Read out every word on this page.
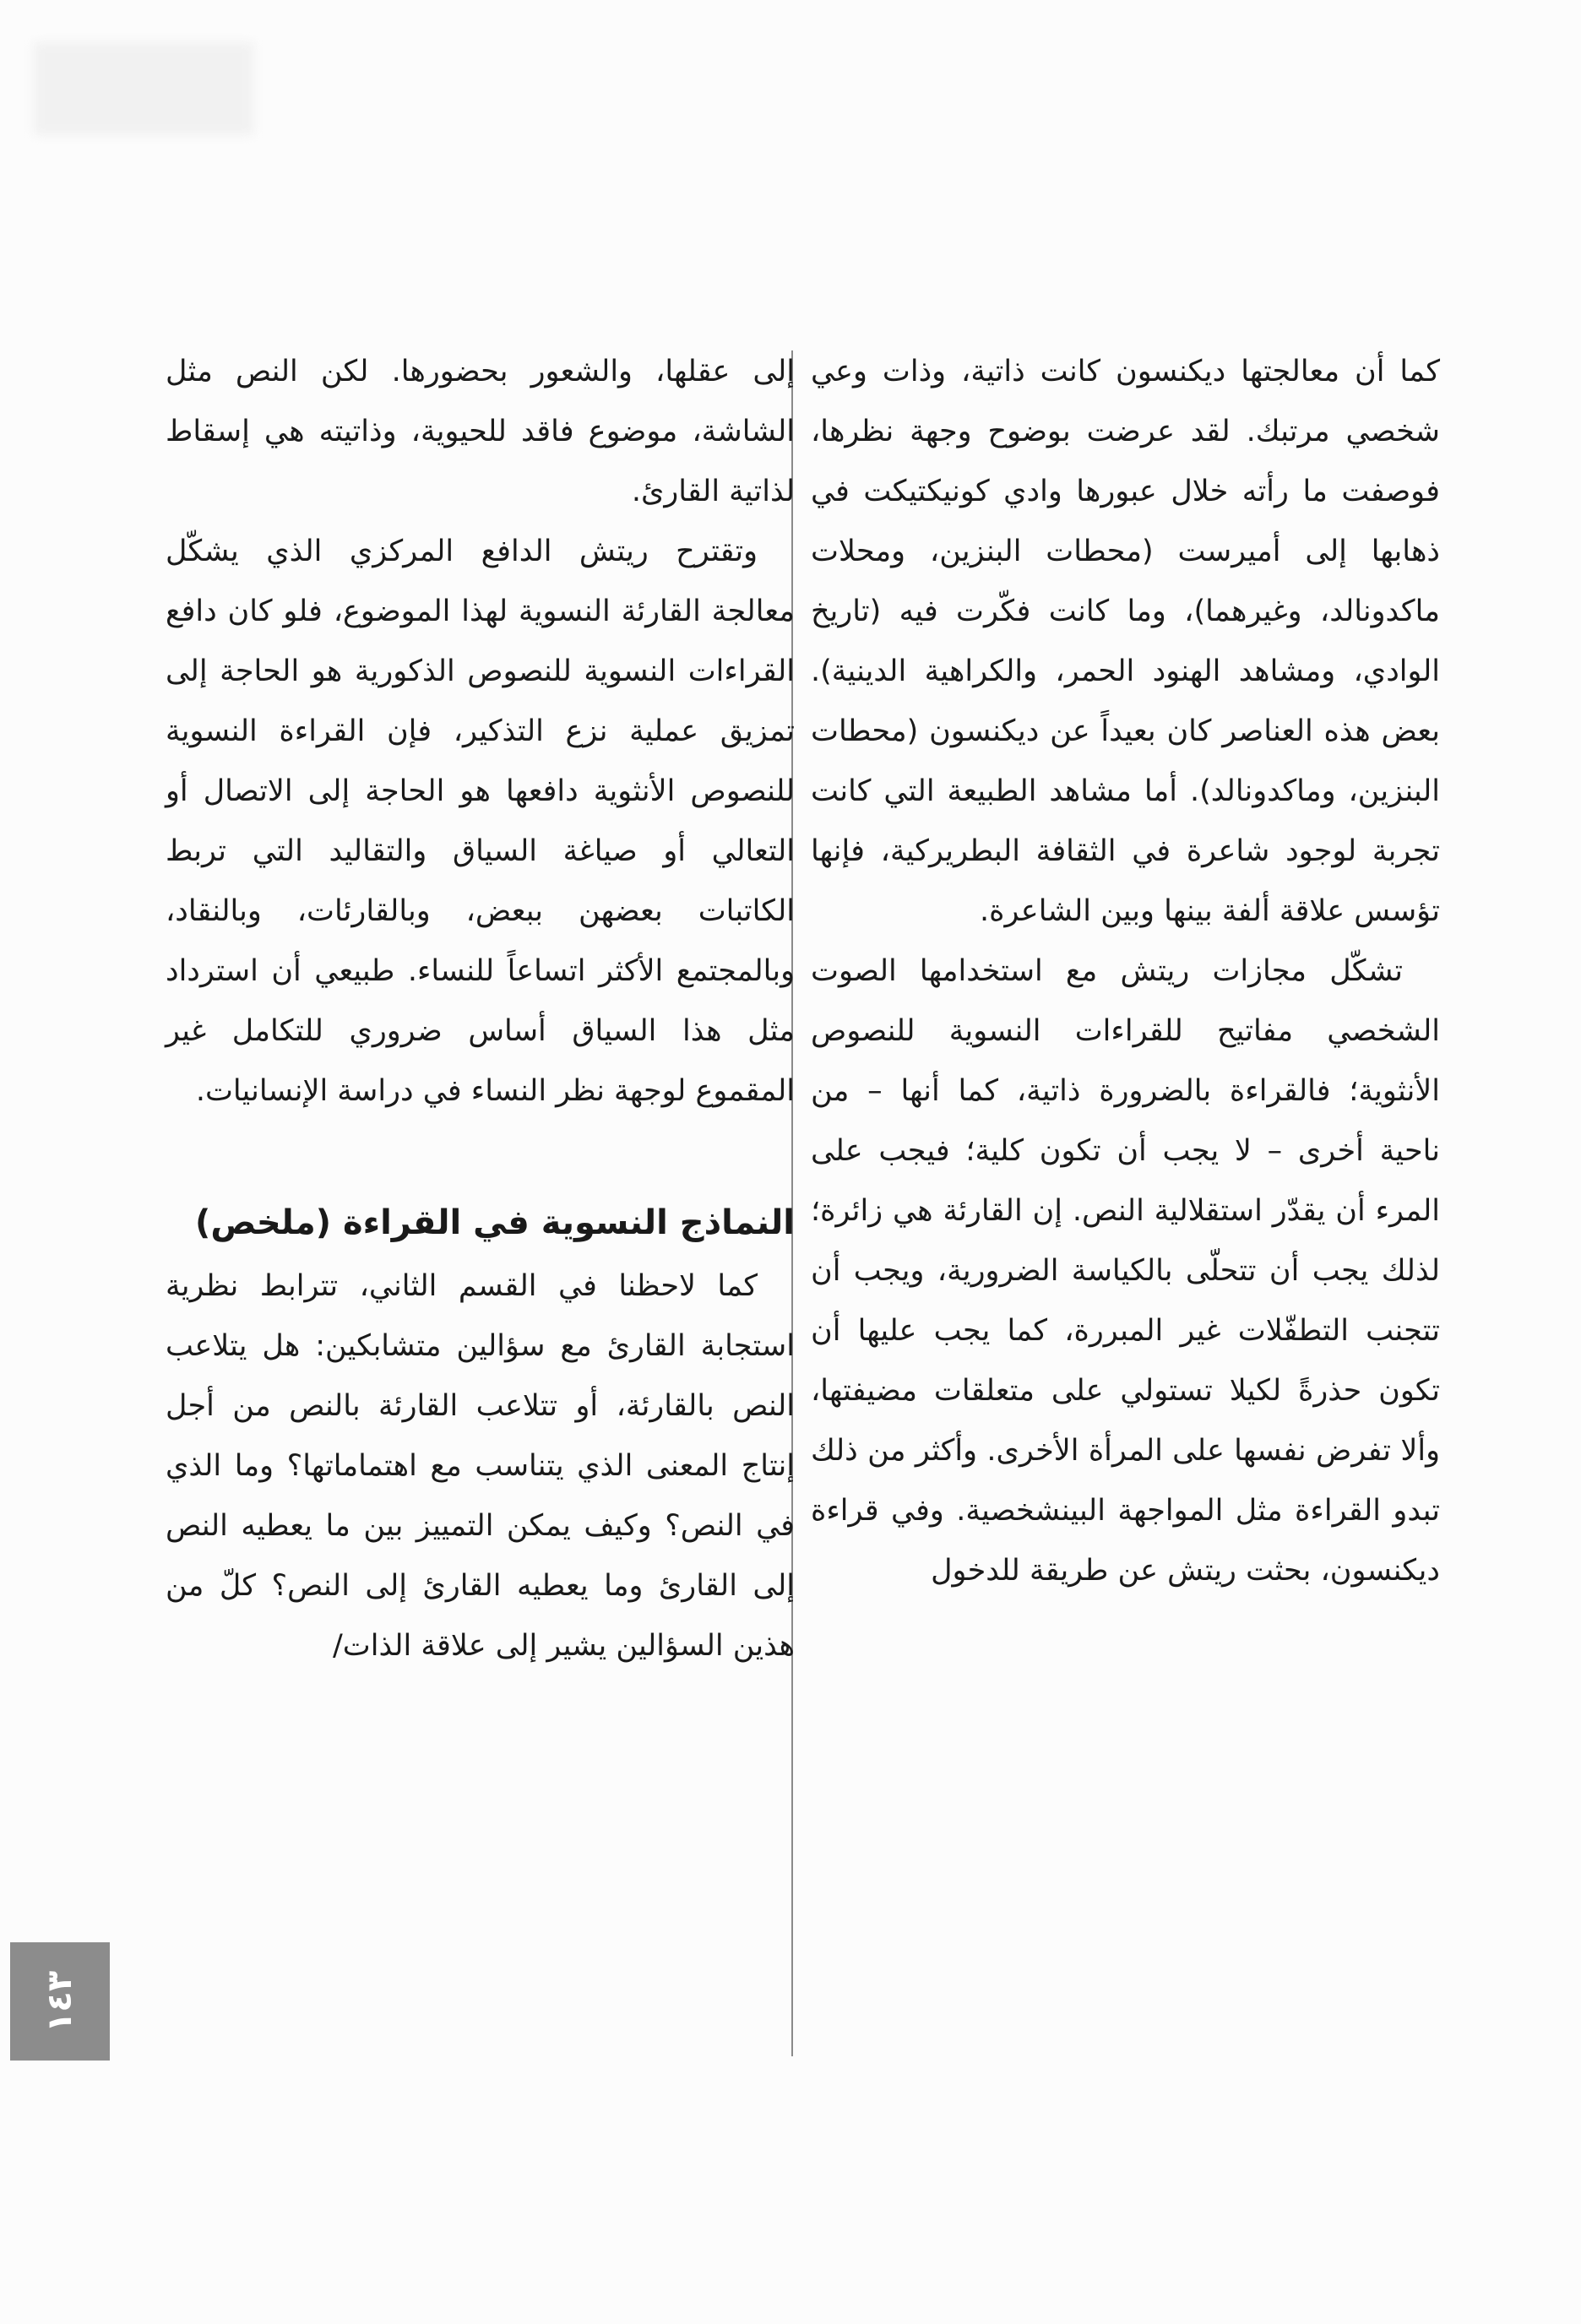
كما أن معالجتها ديكنسون كانت ذاتية، وذات وعي شخصي مرتبك. لقد عرضت بوضوح وجهة نظرها، فوصفت ما رأته خلال عبورها وادي كونيكتيكت في ذهابها إلى أميرست (محطات البنزين، ومحلات ماكدونالد، وغيرهما)، وما كانت فكّرت فيه (تاريخ الوادي، ومشاهد الهنود الحمر، والكراهية الدينية). بعض هذه العناصر كان بعيداً عن ديكنسون (محطات البنزين، وماكدونالد). أما مشاهد الطبيعة التي كانت تجربة لوجود شاعرة في الثقافة البطريركية، فإنها تؤسس علاقة ألفة بينها وبين الشاعرة.

تشكّل مجازات ريتش مع استخدامها الصوت الشخصي مفاتيح للقراءات النسوية للنصوص الأنثوية؛ فالقراءة بالضرورة ذاتية، كما أنها – من ناحية أخرى – لا يجب أن تكون كلية؛ فيجب على المرء أن يقدّر استقلالية النص. إن القارئة هي زائرة؛ لذلك يجب أن تتحلّى بالكياسة الضرورية، ويجب أن تتجنب التطفّلات غير المبررة، كما يجب عليها أن تكون حذرةً لكيلا تستولي على متعلقات مضيفتها، وألا تفرض نفسها على المرأة الأخرى. وأكثر من ذلك تبدو القراءة مثل المواجهة البينشخصية. وفي قراءة ديكنسون، بحثت ريتش عن طريقة للدخول

إلى عقلها، والشعور بحضورها. لكن النص مثل الشاشة، موضوع فاقد للحيوية، وذاتيته هي إسقاط لذاتية القارئ.

وتقترح ريتش الدافع المركزي الذي يشكّل معالجة القارئة النسوية لهذا الموضوع، فلو كان دافع القراءات النسوية للنصوص الذكورية هو الحاجة إلى تمزيق عملية نزع التذكير، فإن القراءة النسوية للنصوص الأنثوية دافعها هو الحاجة إلى الاتصال أو التعالي أو صياغة السياق والتقاليد التي تربط الكاتبات بعضهن ببعض، وبالقارئات، وبالنقاد، وبالمجتمع الأكثر اتساعاً للنساء. طبيعي أن استرداد مثل هذا السياق أساس ضروري للتكامل غير المقموع لوجهة نظر النساء في دراسة الإنسانيات.

النماذج النسوية في القراءة (ملخص)

كما لاحظنا في القسم الثاني، تترابط نظرية استجابة القارئ مع سؤالين متشابكين: هل يتلاعب النص بالقارئة، أو تتلاعب القارئة بالنص من أجل إنتاج المعنى الذي يتناسب مع اهتماماتها؟ وما الذي في النص؟ وكيف يمكن التمييز بين ما يعطيه النص إلى القارئ وما يعطيه القارئ إلى النص؟ كلّ من هذين السؤالين يشير إلى علاقة الذات/

١٤٣
